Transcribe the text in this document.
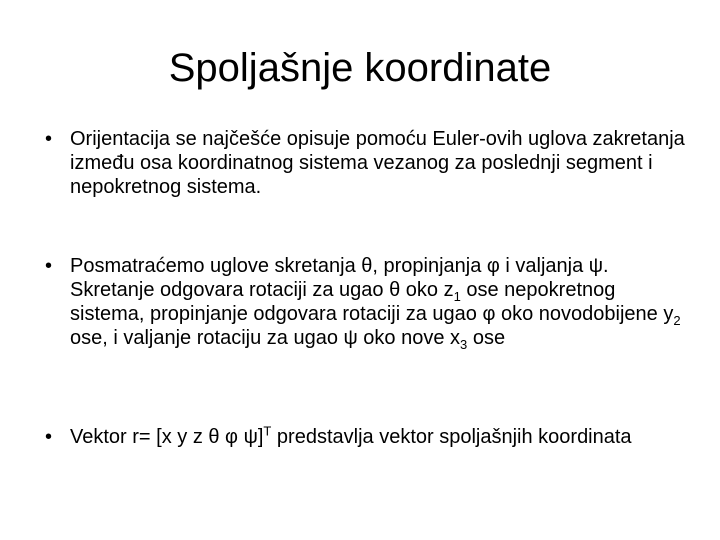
Spoljašnje koordinate
• Orijentacija se najčešće opisuje pomoću Euler-ovih uglova zakretanja između osa koordinatnog sistema vezanog za poslednji segment i nepokretnog sistema.
• Posmatraćemo uglove skretanja θ, propinjanja φ i valjanja ψ. Skretanje odgovara rotaciji za ugao θ oko $z_1$ ose nepokretnog sistema, propinjanje odgovara rotaciji za ugao φ oko novodobijene $y_2$ ose, i valjanje rotaciju za ugao ψ oko nove $x_3$ ose
• Vektor r= [x y z θ φ ψ]$^T$ predstavlja vektor spoljašnjih koordinata
